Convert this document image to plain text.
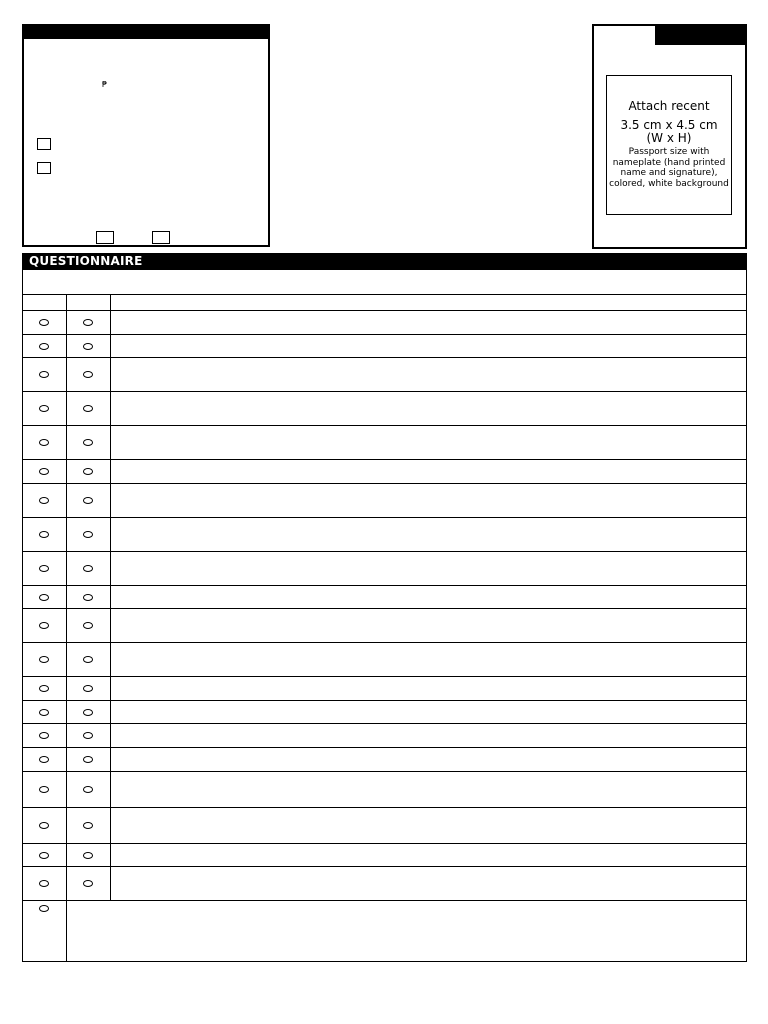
₱
Attach recent
3.5 cm x 4.5 cm
(W x H)
Passport size with nameplate (hand printed name and signature), colored, white background
QUESTIONNAIRE
